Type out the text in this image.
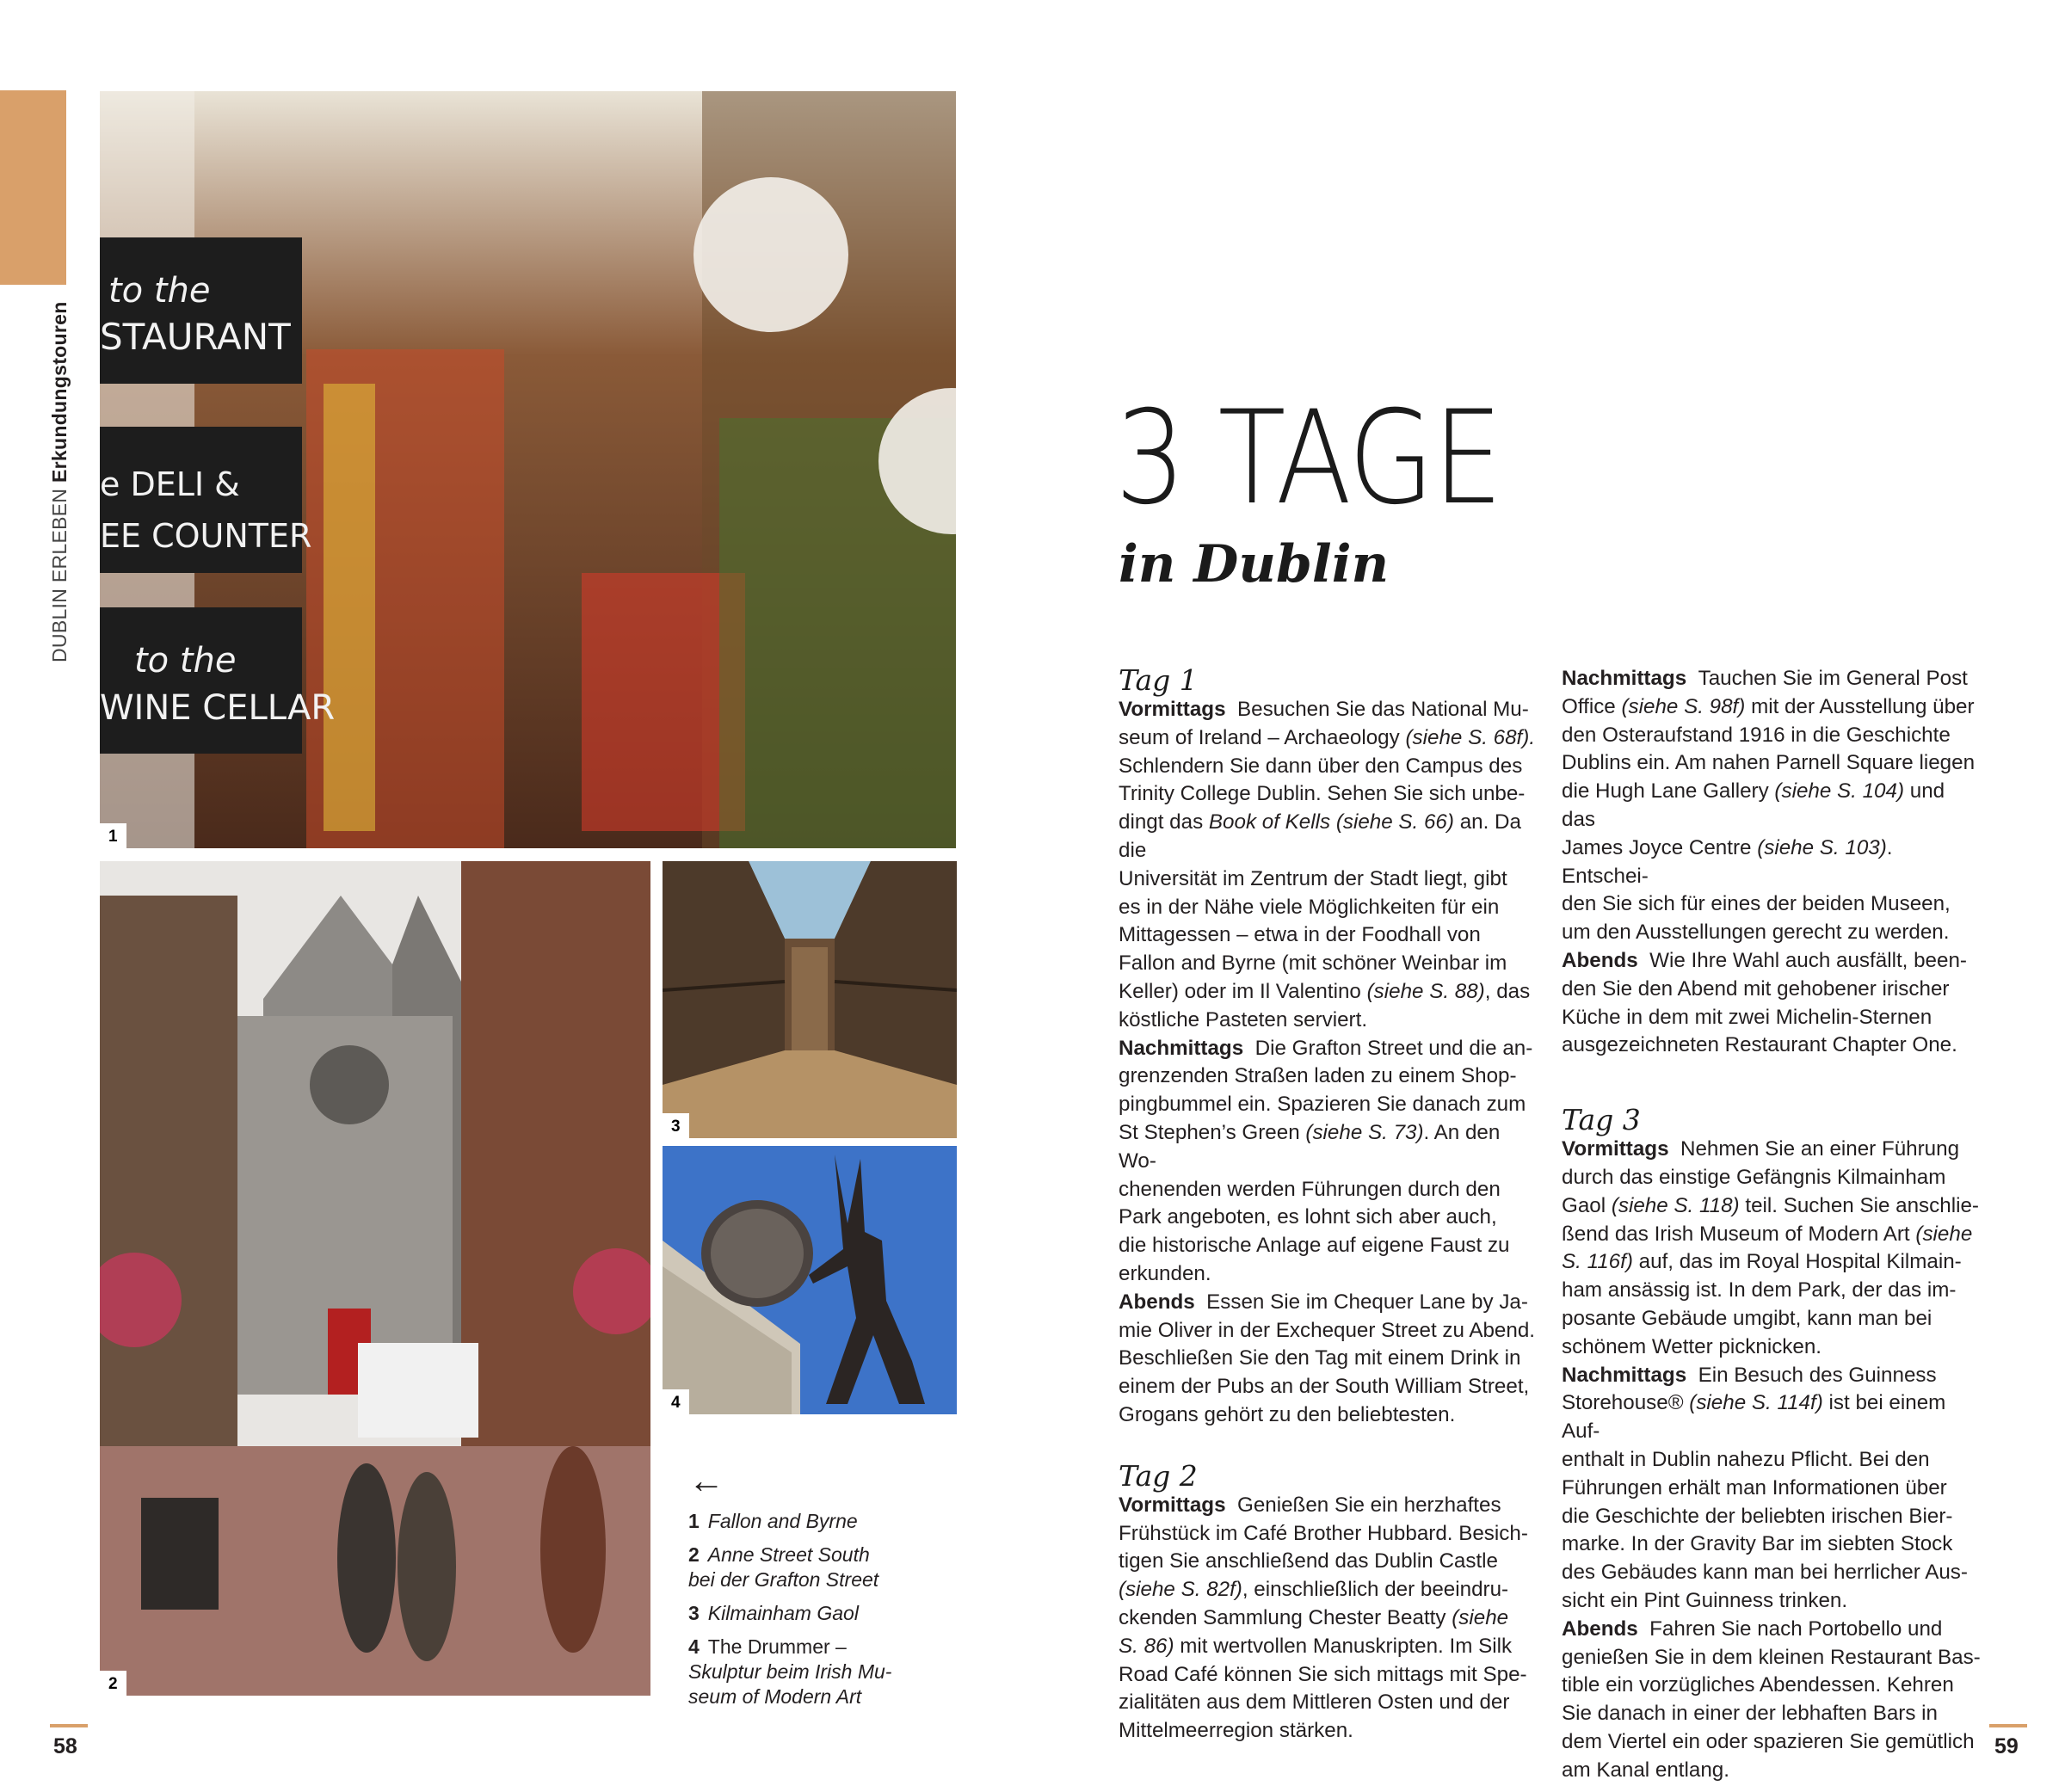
DUBLIN ERLEBEN Erkundungstouren
to the
STAURANT
e DELI &
EE COUNTER
to the
WINE CELLAR
1
2
3
4
←
1 Fallon and Byrne
2 Anne Street South
bei der Grafton Street
3 Kilmainham Gaol
4 The Drummer –
Skulptur beim Irish Mu-
seum of Modern Art
58	59
3 TAGE
in Dublin
Tag 1

Vormittags Besuchen Sie das National Mu-
seum of Ireland – Archaeology (siehe S. 68f).
Schlendern Sie dann über den Campus des
Trinity College Dublin. Sehen Sie sich unbe-
dingt das Book of Kells (siehe S. 66) an. Da die
Universität im Zentrum der Stadt liegt, gibt
es in der Nähe viele Möglichkeiten für ein
Mittagessen – etwa in der Foodhall von
Fallon and Byrne (mit schöner Weinbar im
Keller) oder im Il Valentino (siehe S. 88), das
köstliche Pasteten serviert.

Nachmittags Die Grafton Street und die an-
grenzenden Straßen laden zu einem Shop-
pingbummel ein. Spazieren Sie danach zum
St Stephen’s Green (siehe S. 73). An den Wo-
chenenden werden Führungen durch den
Park angeboten, es lohnt sich aber auch,
die historische Anlage auf eigene Faust zu
erkunden.

Abends Essen Sie im Chequer Lane by Ja-
mie Oliver in der Exchequer Street zu Abend.
Beschließen Sie den Tag mit einem Drink in
einem der Pubs an der South William Street,
Grogans gehört zu den beliebtesten.

Tag 2

Vormittags Genießen Sie ein herzhaftes
Frühstück im Café Brother Hubbard. Besich-
tigen Sie anschließend das Dublin Castle
(siehe S. 82f), einschließlich der beeindru-
ckenden Sammlung Chester Beatty (siehe
S. 86) mit wertvollen Manuskripten. Im Silk
Road Café können Sie sich mittags mit Spe-
zialitäten aus dem Mittleren Osten und der
Mittelmeerregion stärken.

Nachmittags Tauchen Sie im General Post
Office (siehe S. 98f) mit der Ausstellung über
den Osteraufstand 1916 in die Geschichte
Dublins ein. Am nahen Parnell Square liegen
die Hugh Lane Gallery (siehe S. 104) und das
James Joyce Centre (siehe S. 103). Entschei-
den Sie sich für eines der beiden Museen,
um den Ausstellungen gerecht zu werden.

Abends Wie Ihre Wahl auch ausfällt, been-
den Sie den Abend mit gehobener irischer
Küche in dem mit zwei Michelin-Sternen
ausgezeichneten Restaurant Chapter One.

Tag 3

Vormittags Nehmen Sie an einer Führung
durch das einstige Gefängnis Kilmainham
Gaol (siehe S. 118) teil. Suchen Sie anschlie-
ßend das Irish Museum of Modern Art (siehe
S. 116f) auf, das im Royal Hospital Kilmain-
ham ansässig ist. In dem Park, der das im-
posante Gebäude umgibt, kann man bei
schönem Wetter picknicken.

Nachmittags Ein Besuch des Guinness
Storehouse® (siehe S. 114f) ist bei einem Auf-
enthalt in Dublin nahezu Pflicht. Bei den
Führungen erhält man Informationen über
die Geschichte der beliebten irischen Bier-
marke. In der Gravity Bar im siebten Stock
des Gebäudes kann man bei herrlicher Aus-
sicht ein Pint Guinness trinken.

Abends Fahren Sie nach Portobello und
genießen Sie in dem kleinen Restaurant Bas-
tible ein vorzügliches Abendessen. Kehren
Sie danach in einer der lebhaften Bars in
dem Viertel ein oder spazieren Sie gemütlich
am Kanal entlang.
